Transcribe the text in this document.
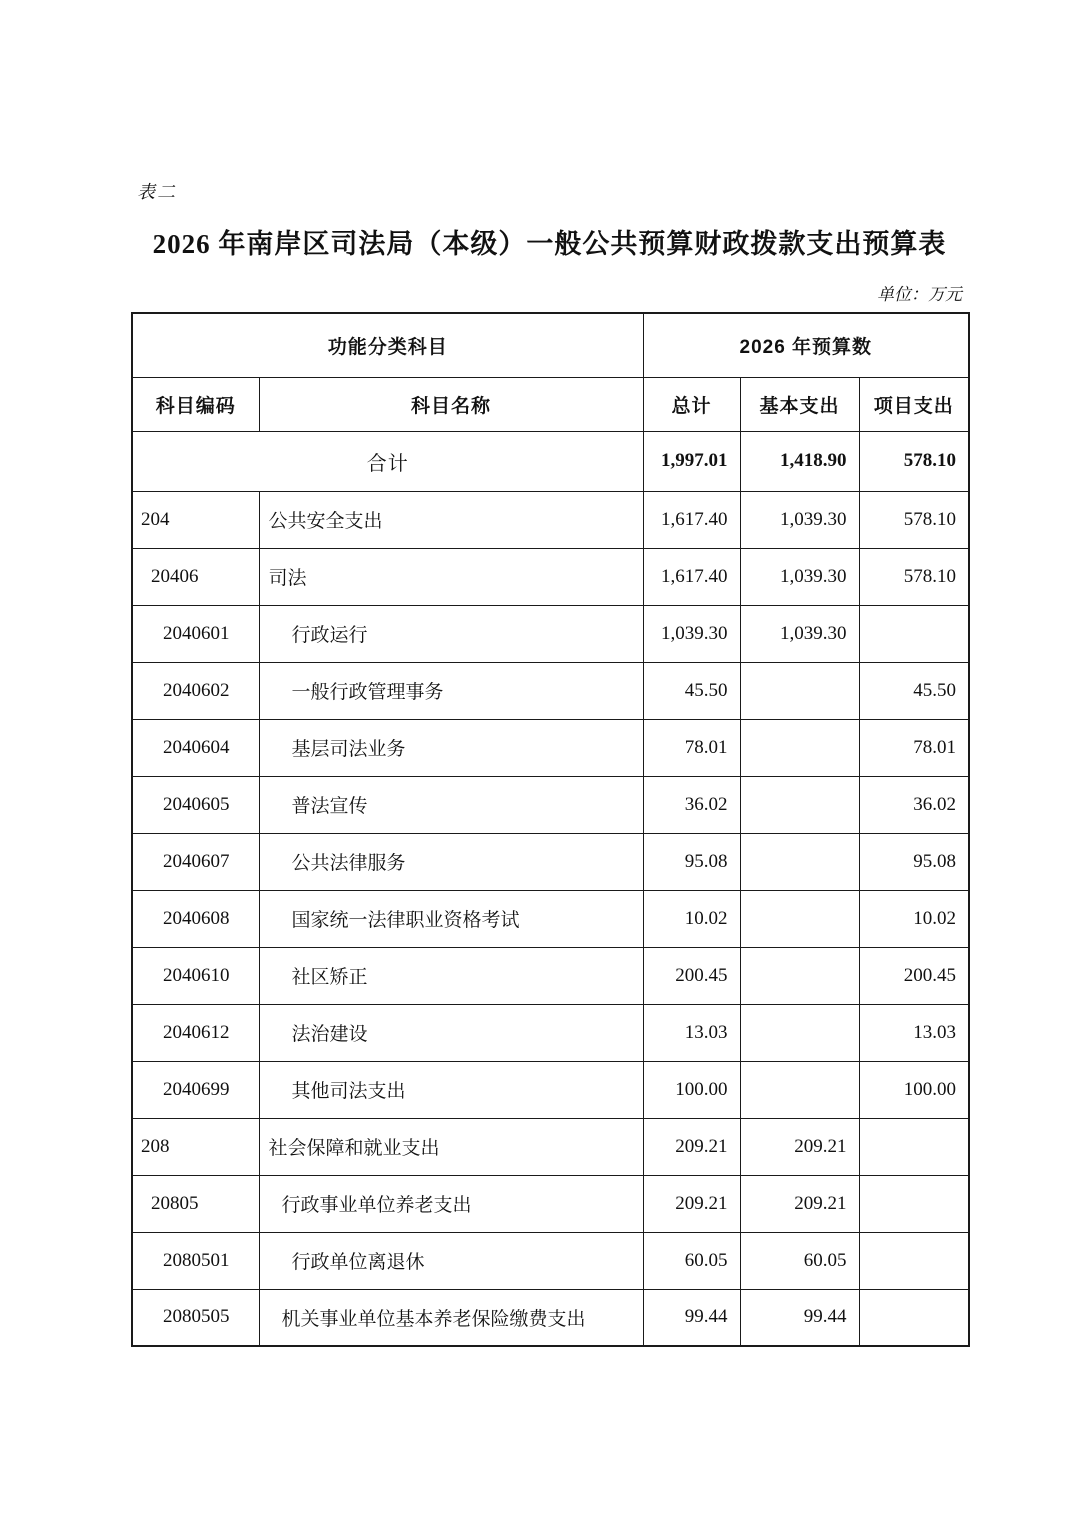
表二
2026 年南岸区司法局（本级）一般公共预算财政拨款支出预算表
单位：万元
功能分类科目		2026 年预算数		
科目编码	科目名称	总计	基本支出	项目支出
合计		1,997.01	1,418.90	578.10
204	公共安全支出	1,617.40	1,039.30	578.10
20406	司法	1,617.40	1,039.30	578.10
2040601	行政运行	1,039.30	1,039.30	
2040602	一般行政管理事务	45.50		45.50
2040604	基层司法业务	78.01		78.01
2040605	普法宣传	36.02		36.02
2040607	公共法律服务	95.08		95.08
2040608	国家统一法律职业资格考试	10.02		10.02
2040610	社区矫正	200.45		200.45
2040612	法治建设	13.03		13.03
2040699	其他司法支出	100.00		100.00
208	社会保障和就业支出	209.21	209.21	
20805	行政事业单位养老支出	209.21	209.21	
2080501	行政单位离退休	60.05	60.05	
2080505	机关事业单位基本养老保险缴费支出	99.44	99.44	
